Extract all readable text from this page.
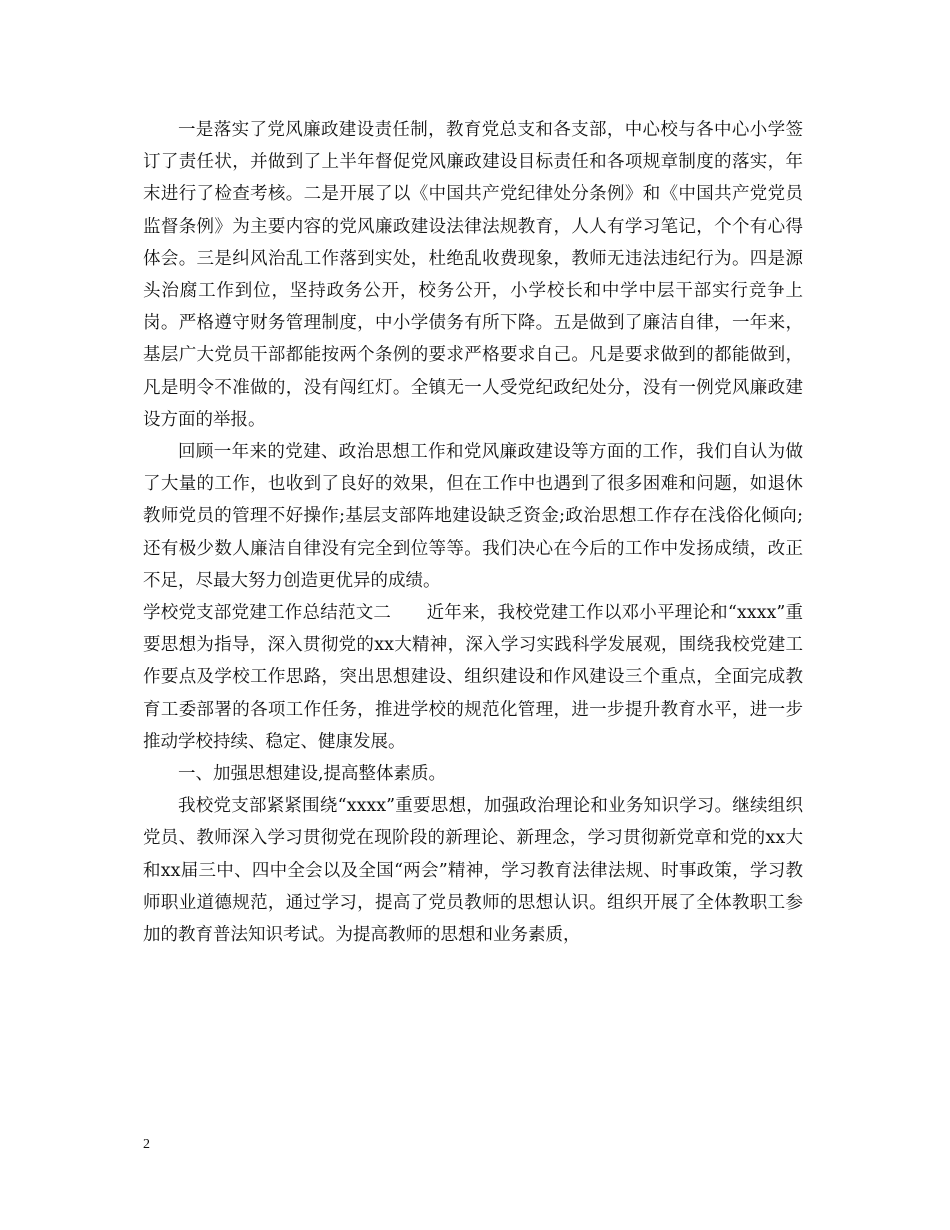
一是落实了党风廉政建设责任制，教育党总支和各支部，中心校与各中心小学签订了责任状，并做到了上半年督促党风廉政建设目标责任和各项规章制度的落实，年末进行了检查考核。二是开展了以《中国共产党纪律处分条例》和《中国共产党党员监督条例》为主要内容的党风廉政建设法律法规教育，人人有学习笔记，个个有心得体会。三是纠风治乱工作落到实处，杜绝乱收费现象，教师无违法违纪行为。四是源头治腐工作到位，坚持政务公开，校务公开，小学校长和中学中层干部实行竞争上岗。严格遵守财务管理制度，中小学债务有所下降。五是做到了廉洁自律，一年来，基层广大党员干部都能按两个条例的要求严格要求自己。凡是要求做到的都能做到，凡是明令不准做的，没有闯红灯。全镇无一人受党纪政纪处分，没有一例党风廉政建设方面的举报。

回顾一年来的党建、政治思想工作和党风廉政建设等方面的工作，我们自认为做了大量的工作，也收到了良好的效果，但在工作中也遇到了很多困难和问题，如退休教师党员的管理不好操作;基层支部阵地建设缺乏资金;政治思想工作存在浅俗化倾向;还有极少数人廉洁自律没有完全到位等等。我们决心在今后的工作中发扬成绩，改正不足，尽最大努力创造更优异的成绩。

学校党支部党建工作总结范文二　　近年来，我校党建工作以邓小平理论和“xxxx”重要思想为指导，深入贯彻党的xx大精神，深入学习实践科学发展观，围绕我校党建工作要点及学校工作思路，突出思想建设、组织建设和作风建设三个重点，全面完成教育工委部署的各项工作任务，推进学校的规范化管理，进一步提升教育水平，进一步推动学校持续、稳定、健康发展。

一、加强思想建设,提高整体素质。

我校党支部紧紧围绕“xxxx”重要思想，加强政治理论和业务知识学习。继续组织党员、教师深入学习贯彻党在现阶段的新理论、新理念，学习贯彻新党章和党的xx大和xx届三中、四中全会以及全国“两会”精神，学习教育法律法规、时事政策，学习教师职业道德规范，通过学习，提高了党员教师的思想认识。组织开展了全体教职工参加的教育普法知识考试。为提高教师的思想和业务素质，

2
